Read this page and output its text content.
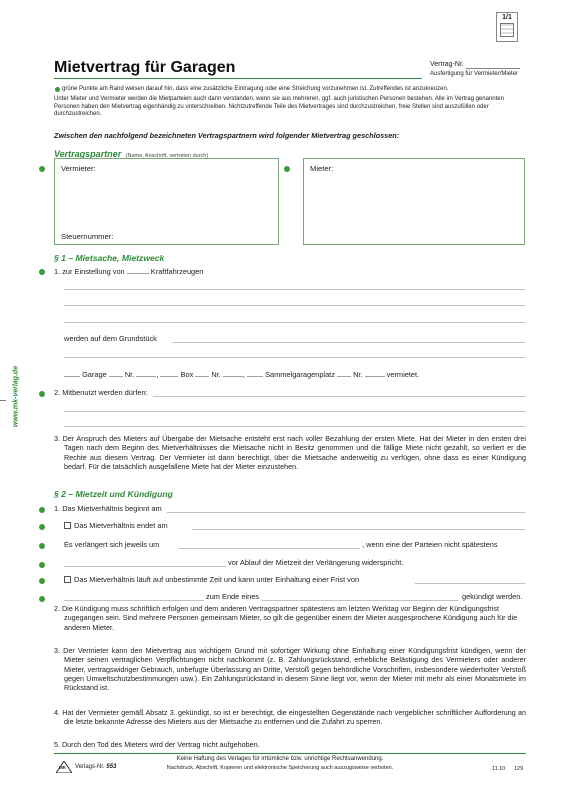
1/1
Mietvertrag für Garagen	Vertrag-Nr.
Ausfertigung für Vermieter/Mieter
grüne Punkte am Rand weisen darauf hin, dass eine zusätzliche Eintragung oder eine Streichung vorzunehmen ist. Zutreffendes ist anzukreuzen.
Unter Mieter und Vermieter werden die Mietparteien auch dann verstanden, wenn sie aus mehreren, ggf. auch juristischen Personen bestehen. Alle im Vertrag genannten Personen haben den Mietvertrag eigenhändig zu unterschreiben. Nichtzutreffende Teile des Mietvertrages sind durchzustreichen, freie Stellen sind auszufüllen oder durchzustreichen.
Zwischen den nachfolgend bezeichneten Vertragspartnern wird folgender Mietvertrag geschlossen:
Vertragspartner (Name, Anschrift, vertreten durch)
Vermieter:
Steuernummer:
Mieter:
§ 1 – Mietsache, Mietzweck
1. zur Einstellung von	Kraftfahrzeugen
werden auf dem Grundstück
Garage Nr.	,	Box Nr.	,  Sammelgaragenplatz Nr.	vermietet.
2. Mitbenutzt werden dürfen:
3. Der Anspruch des Mieters auf Übergabe der Mietsache entsteht erst nach voller Bezahlung der ersten Miete. Hat der Mieter in den ersten drei Tagen nach dem Beginn des Mietverhältnisses die Mietsache nicht in Besitz genommen und die fällige Miete nicht gezahlt, so verliert er die Rechte aus diesem Vertrag. Der Vermieter ist dann berechtigt, über die Mietsache anderweitig zu verfügen, ohne dass es einer Kündigung bedarf. Für die tatsächlich ausgefallene Miete hat der Mieter einzustehen.
§ 2 – Mietzeit und Kündigung
1. Das Mietverhältnis beginnt am
Das Mietverhältnis endet am
Es verlängert sich jeweils um	, wenn eine der Parteien nicht spätestens
vor Ablauf der Mietzeit der Verlängerung widerspricht.
Das Mietverhältnis läuft auf unbestimmte Zeit und kann unter Einhaltung einer Frist von
zum Ende eines	gekündigt werden.
2. Die Kündigung muss schriftlich erfolgen und dem anderen Vertragspartner spätestens am letzten Werktag vor Beginn der Kündigungsfrist zugegangen sein. Sind mehrere Personen gemeinsam Mieter, so gilt die gegenüber einem der Mieter ausgesprochene Kündigung auch für die anderen Mieter.
3. Der Vermieter kann den Mietvertrag aus wichtigem Grund mit sofortiger Wirkung ohne Einhaltung einer Kündigungsfrist kündigen, wenn der Mieter seinen vertraglichen Verpflichtungen nicht nachkommt (z. B. Zahlungsrückstand, erhebliche Belästigung des Vermieters oder anderer Mieter, vertragswidriger Gebrauch, unbefugte Überlassung an Dritte, Verstoß gegen behördliche Vorschriften, insbesondere wiederholter Verstoß gegen Umweltschutzbestimmungen usw.). Ein Zahlungsrückstand in diesem Sinne liegt vor, wenn der Mieter mit mehr als einer Monatsmiete im Rückstand ist.
4. Hat der Vermieter gemäß Absatz 3. gekündigt, so ist er berechtigt, die eingestellten Gegenstände nach vergeblicher schriftlicher Aufforderung an die letzte bekannte Adresse des Mieters aus der Mietsache zu entfernen und die Zufahrt zu sperren.
5. Durch den Tod des Mieters wird der Vertrag nicht aufgehoben.
www.mk-verlag.de
MK Verlags-Nr. 553
Keine Haftung des Verlages für irrtümliche bzw. unrichtige Rechtsanwendung.
Nachdruck, Abschrift, Kopieren und elektronische Speicherung auch auszugsweise verboten.	11.10 129
